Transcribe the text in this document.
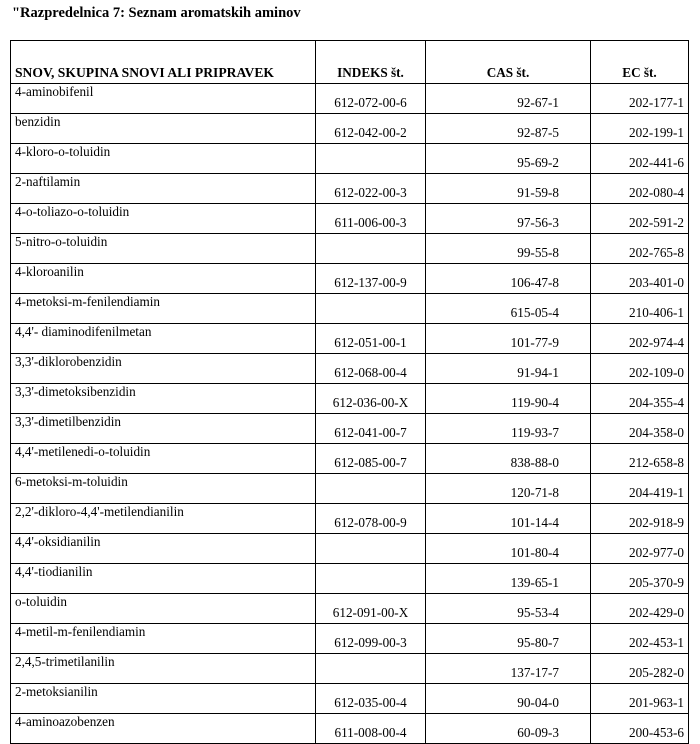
"Razpredelnica 7: Seznam aromatskih aminov
SNOV, SKUPINA SNOVI ALI PRIPRAVEK	INDEKS št.	CAS št.	EC št.
4-aminobifenil	612-072-00-6	92-67-1	202-177-1
benzidin	612-042-00-2	92-87-5	202-199-1
4-kloro-o-toluidin		95-69-2	202-441-6
2-naftilamin	612-022-00-3	91-59-8	202-080-4
4-o-toliazo-o-toluidin	611-006-00-3	97-56-3	202-591-2
5-nitro-o-toluidin		99-55-8	202-765-8
4-kloroanilin	612-137-00-9	106-47-8	203-401-0
4-metoksi-m-fenilendiamin		615-05-4	210-406-1
4,4'- diaminodifenilmetan	612-051-00-1	101-77-9	202-974-4
3,3'-diklorobenzidin	612-068-00-4	91-94-1	202-109-0
3,3'-dimetoksibenzidin	612-036-00-X	119-90-4	204-355-4
3,3'-dimetilbenzidin	612-041-00-7	119-93-7	204-358-0
4,4'-metilenedi-o-toluidin	612-085-00-7	838-88-0	212-658-8
6-metoksi-m-toluidin		120-71-8	204-419-1
2,2'-dikloro-4,4'-metilendianilin	612-078-00-9	101-14-4	202-918-9
4,4'-oksidianilin		101-80-4	202-977-0
4,4'-tiodianilin		139-65-1	205-370-9
o-toluidin	612-091-00-X	95-53-4	202-429-0
4-metil-m-fenilendiamin	612-099-00-3	95-80-7	202-453-1
2,4,5-trimetilanilin		137-17-7	205-282-0
2-metoksianilin	612-035-00-4	90-04-0	201-963-1
4-aminoazobenzen	611-008-00-4	60-09-3	200-453-6
